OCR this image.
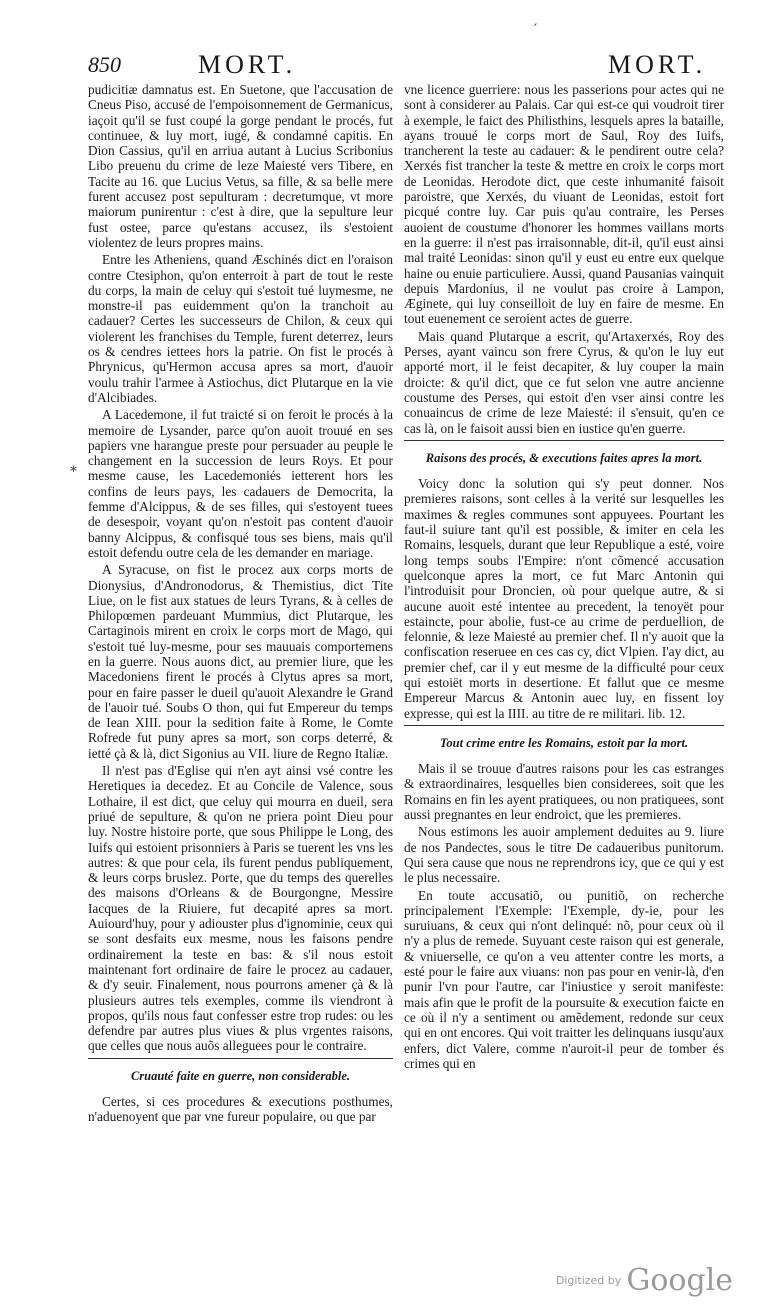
850	MORT.	MORT.
′
*

pudicitiæ damnatus est. En Suetone, que l'accusation de Cneus Piso, accusé de l'empoisonnement de Germanicus, iaçoit qu'il se fust coupé la gorge pendant le procés, fut continuee, & luy mort, iugé, & condamné capitis. En Dion Cassius, qu'il en arriua autant à Lucius Scribonius Libo preuenu du crime de leze Maiesté vers Tibere, en Tacite au 16. que Lucius Vetus, sa fille, & sa belle mere furent accusez post sepulturam : decretumque, vt more maiorum punirentur : c'est à dire, que la sepulture leur fust ostee, parce qu'estans accusez, ils s'estoient violentez de leurs propres mains.

Entre les Atheniens, quand Æschinés dict en l'oraison contre Ctesiphon, qu'on enterroit à part de tout le reste du corps, la main de celuy qui s'estoit tué luymesme, ne monstre-il pas euidemment qu'on la tranchoit au cadauer? Certes les successeurs de Chilon, & ceux qui violerent les franchises du Temple, furent deterrez, leurs os & cendres iettees hors la patrie. On fist le procés à Phrynicus, qu'Hermon accusa apres sa mort, d'auoir voulu trahir l'armee à Astiochus, dict Plutarque en la vie d'Alcibiades.

A Lacedemone, il fut traicté si on feroit le procés à la memoire de Lysander, parce qu'on auoit trouué en ses papiers vne harangue preste pour persuader au peuple le changement en la succession de leurs Roys. Et pour mesme cause, les Lacedemoniés ietterent hors les confins de leurs pays, les cadauers de Democrita, la femme d'Alcippus, & de ses filles, qui s'estoyent tuees de desespoir, voyant qu'on n'estoit pas content d'auoir banny Alcippus, & confisqué tous ses biens, mais qu'il estoit defendu outre cela de les demander en mariage.

A Syracuse, on fist le procez aux corps morts de Dionysius, d'Andronodorus, & Themistius, dict Tite Liue, on le fist aux statues de leurs Tyrans, & à celles de Philopœmen pardeuant Mummius, dict Plutarque, les Cartaginois mirent en croix le corps mort de Mago, qui s'estoit tué luy-mesme, pour ses mauuais comportemens en la guerre. Nous auons dict, au premier liure, que les Macedoniens firent le procés à Clytus apres sa mort, pour en faire passer le dueil qu'auoit Alexandre le Grand de l'auoir tué. Soubs O thon, qui fut Empereur du temps de Iean XIII. pour la sedition faite à Rome, le Comte Rofrede fut puny apres sa mort, son corps deterré, & ietté çà & là, dict Sigonius au VII. liure de Regno Italiæ.

Il n'est pas d'Eglise qui n'en ayt ainsi vsé contre les Heretiques ia decedez. Et au Concile de Valence, sous Lothaire, il est dict, que celuy qui mourra en dueil, sera priué de sepulture, & qu'on ne priera point Dieu pour luy. Nostre histoire porte, que sous Philippe le Long, des Iuifs qui estoient prisonniers à Paris se tuerent les vns les autres: & que pour cela, ils furent pendus publiquement, & leurs corps bruslez. Porte, que du temps des querelles des maisons d'Orleans & de Bourgongne, Messire Iacques de la Riuiere, fut decapité apres sa mort. Auiourd'huy, pour y adiouster plus d'ignominie, ceux qui se sont desfaits eux mesme, nous les faisons pendre ordinairement la teste en bas: & s'il nous estoit maintenant fort ordinaire de faire le procez au cadauer, & d'y seuir. Finalement, nous pourrons amener çà & là plusieurs autres tels exemples, comme ils viendront à propos, qu'ils nous faut confesser estre trop rudes: ou les defendre par autres plus viues & plus vrgentes raisons, que celles que nous auõs alleguees pour le contraire.

Cruauté faite en guerre, non considerable.

Certes, si ces procedures & executions posthumes, n'aduenoyent que par vne fureur populaire, ou que par

vne licence guerriere: nous les passerions pour actes qui ne sont à considerer au Palais. Car qui est-ce qui voudroit tirer à exemple, le faict des Philisthins, lesquels apres la bataille, ayans trouué le corps mort de Saul, Roy des Iuifs, trancherent la teste au cadauer: & le pendirent outre cela? Xerxés fist trancher la teste & mettre en croix le corps mort de Leonidas. Herodote dict, que ceste inhumanité faisoit paroistre, que Xerxés, du viuant de Leonidas, estoit fort picqué contre luy. Car puis qu'au contraire, les Perses auoient de coustume d'honorer les hommes vaillans morts en la guerre: il n'est pas irraisonnable, dit-il, qu'il eust ainsi mal traité Leonidas: sinon qu'il y eust eu entre eux quelque haine ou enuie particuliere. Aussi, quand Pausanias vainquit depuis Mardonius, il ne voulut pas croire à Lampon, Æginete, qui luy conseilloit de luy en faire de mesme. En tout euenement ce seroient actes de guerre.

Mais quand Plutarque a escrit, qu'Artaxerxés, Roy des Perses, ayant vaincu son frere Cyrus, & qu'on le luy eut apporté mort, il le feist decapiter, & luy couper la main droicte: & qu'il dict, que ce fut selon vne autre ancienne coustume des Perses, qui estoit d'en vser ainsi contre les conuaincus de crime de leze Maiesté: il s'ensuit, qu'en ce cas là, on le faisoit aussi bien en iustice qu'en guerre.

Raisons des procés, & executions faites apres la mort.

Voicy donc la solution qui s'y peut donner. Nos premieres raisons, sont celles à la verité sur lesquelles les maximes & regles communes sont appuyees. Pourtant les faut-il suiure tant qu'il est possible, & imiter en cela les Romains, lesquels, durant que leur Republique a esté, voire long temps soubs l'Empire: n'ont cõmencé accusation quelconque apres la mort, ce fut Marc Antonin qui l'introduisit pour Droncien, où pour quelque autre, & si aucune auoit esté intentee au precedent, la tenoyët pour estaincte, pour abolie, fust-ce au crime de perduellion, de felonnie, & leze Maiesté au premier chef. Il n'y auoit que la confiscation reseruee en ces cas cy, dict Vlpien. I'ay dict, au premier chef, car il y eut mesme de la difficulté pour ceux qui estoiët morts in desertione. Et fallut que ce mesme Empereur Marcus & Antonin auec luy, en fissent loy expresse, qui est la IIII. au titre de re militari. lib. 12.

Tout crime entre les Romains, estoit par la mort.

Mais il se trouue d'autres raisons pour les cas estranges & extraordinaires, lesquelles bien considerees, soit que les Romains en fin les ayent pratiquees, ou non pratiquees, sont aussi pregnantes en leur endroict, que les premieres.

Nous estimons les auoir amplement deduites au 9. liure de nos Pandectes, sous le titre De cadaueribus punitorum. Qui sera cause que nous ne reprendrons icy, que ce qui y est le plus necessaire.

En toute accusatiõ, ou punitiõ, on recherche principalement l'Exemple: l'Exemple, dy-ie, pour les suruiuans, & ceux qui n'ont delinqué: nõ, pour ceux où il n'y a plus de remede. Suyuant ceste raison qui est generale, & vniuerselle, ce qu'on a veu attenter contre les morts, a esté pour le faire aux viuans: non pas pour en venir-là, d'en punir l'vn pour l'autre, car l'iniustice y seroit manifeste: mais afin que le profit de la poursuite & execution faicte en ce où il n'y a sentiment ou amẽdement, redonde sur ceux qui en ont encores. Qui voit traitter les delinquans iusqu'aux enfers, dict Valere, comme n'auroit-il peur de tomber és crimes qui en

Digitized by Google
